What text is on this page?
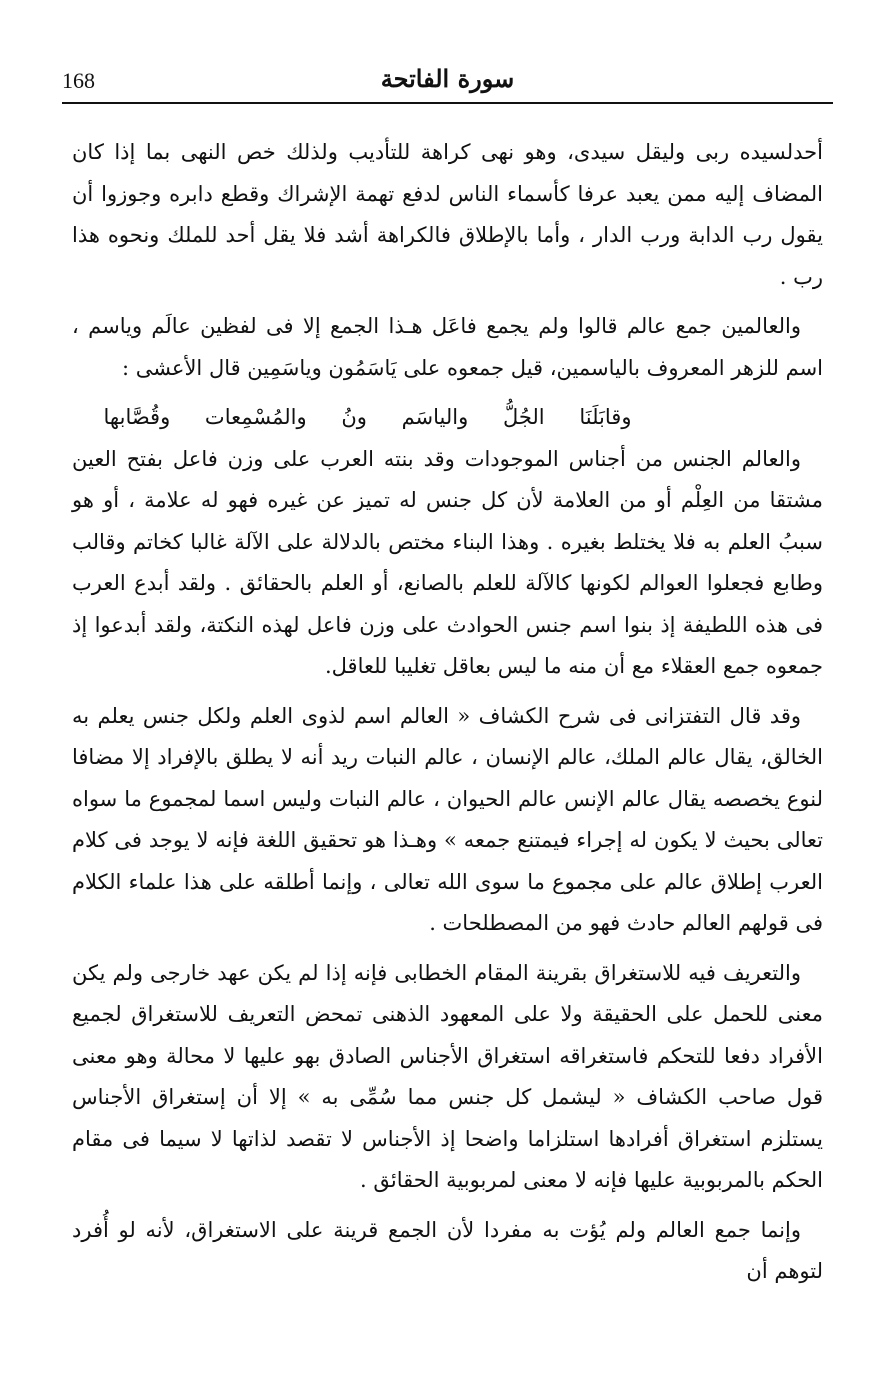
168	سورة الفاتحة

أحدلسيده ربى وليقل سيدى، وهو نهى كراهة للتأديب ولذلك خص النهى بما إذا كان المضاف إليه ممن يعبد عرفا كأسماء الناس لدفع تهمة الإشراك وقطع دابره وجوزوا أن يقول رب الدابة ورب الدار ، وأما بالإطلاق فالكراهة أشد فلا يقل أحد للملك ونحوه هذا رب .

والعالمين جمع عالم قالوا ولم يجمع فاعَل هـذا الجمع إلا فى لفظين عالَم وياسم ، اسم للزهر المعروف بالياسمين، قيل جمعوه على يَاسَمُون وياسَمِين قال الأعشى :

وقابَلَنَا الجُلُّ والياسَم ونُ والمُسْمِعات وقُصَّابها

والعالم الجنس من أجناس الموجودات وقد بنته العرب على وزن فاعل بفتح العين مشتقا من العِلْم أو من العلامة لأن كل جنس له تميز عن غيره فهو له علامة ، أو هو سببُ العلم به فلا يختلط بغيره . وهذا البناء مختص بالدلالة على الآلة غالبا كخاتم وقالب وطابع فجعلوا العوالم لكونها كالآلة للعلم بالصانع، أو العلم بالحقائق . ولقد أبدع العرب فى هذه اللطيفة إذ بنوا اسم جنس الحوادث على وزن فاعل لهذه النكتة، ولقد أبدعوا إذ جمعوه جمع العقلاء مع أن منه ما ليس بعاقل تغليبا للعاقل.

وقد قال التفتزانى فى شرح الكشاف « العالم اسم لذوى العلم ولكل جنس يعلم به الخالق، يقال عالم الملك، عالم الإنسان ، عالم النبات ريد أنه لا يطلق بالإفراد إلا مضافا لنوع يخصصه يقال عالم الإنس عالم الحيوان ، عالم النبات وليس اسما لمجموع ما سواه تعالى بحيث لا يكون له إجراء فيمتنع جمعه » وهـذا هو تحقيق اللغة فإنه لا يوجد فى كلام العرب إطلاق عالم على مجموع ما سوى الله تعالى ، وإنما أطلقه على هذا علماء الكلام فى قولهم العالم حادث فهو من المصطلحات .

والتعريف فيه للاستغراق بقرينة المقام الخطابى فإنه إذا لم يكن عهد خارجى ولم يكن معنى للحمل على الحقيقة ولا على المعهود الذهنى تمحض التعريف للاستغراق لجميع الأفراد دفعا للتحكم فاستغراقه استغراق الأجناس الصادق بهو عليها لا محالة وهو معنى قول صاحب الكشاف « ليشمل كل جنس مما سُمِّى به » إلا أن إستغراق الأجناس يستلزم استغراق أفرادها استلزاما واضحا إذ الأجناس لا تقصد لذاتها لا سيما فى مقام الحكم بالمربوبية عليها فإنه لا معنى لمربوبية الحقائق .

وإنما جمع العالم ولم يُؤت به مفردا لأن الجمع قرينة على الاستغراق، لأنه لو أُفرد لتوهم أن
